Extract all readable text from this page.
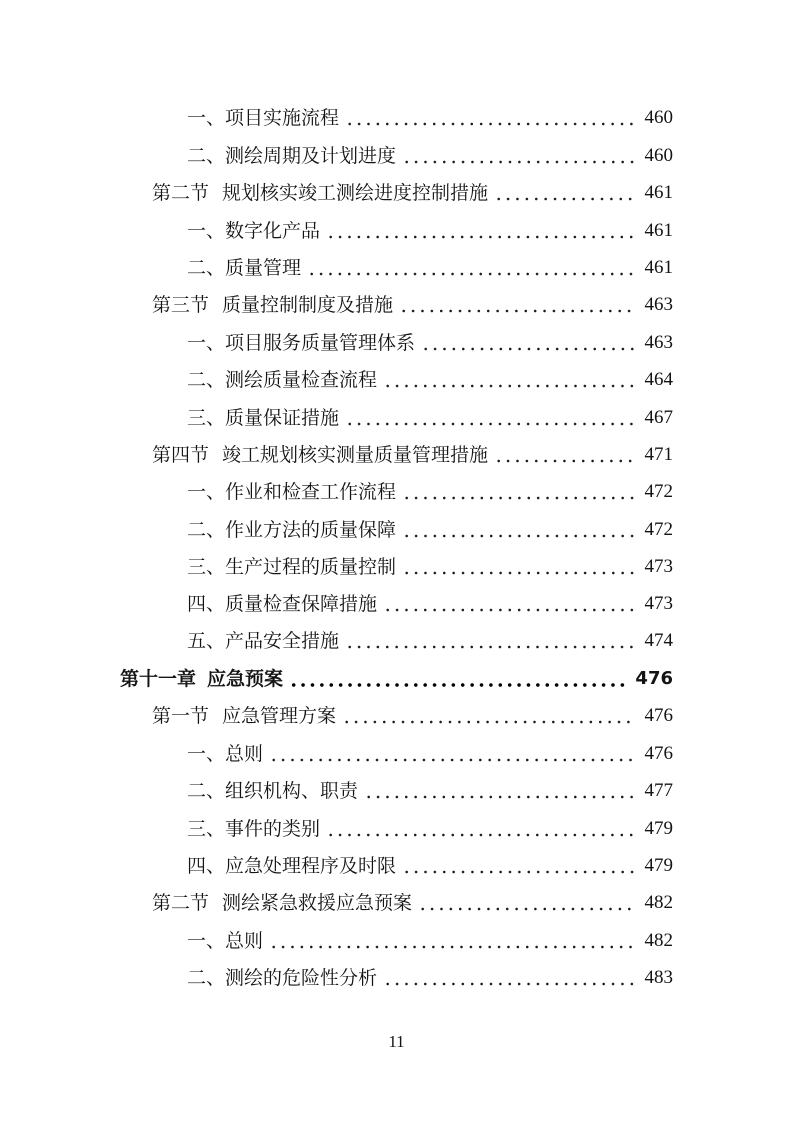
一、 项目实施流程	460
二、 测绘周期及计划进度	460
第二节 规划核实竣工测绘进度控制措施	461
一、 数字化产品	461
二、 质量管理	461
第三节 质量控制制度及措施	463
一、 项目服务质量管理体系	463
二、 测绘质量检查流程	464
三、 质量保证措施	467
第四节 竣工规划核实测量质量管理措施	471
一、 作业和检查工作流程	472
二、 作业方法的质量保障	472
三、 生产过程的质量控制	473
四、 质量检查保障措施	473
五、 产品安全措施	474
第十一章 应急预案	476
第一节 应急管理方案	476
一、 总则	476
二、 组织机构、职责	477
三、 事件的类别	479
四、 应急处理程序及时限	479
第二节 测绘紧急救援应急预案	482
一、 总则	482
二、 测绘的危险性分析	483
11
